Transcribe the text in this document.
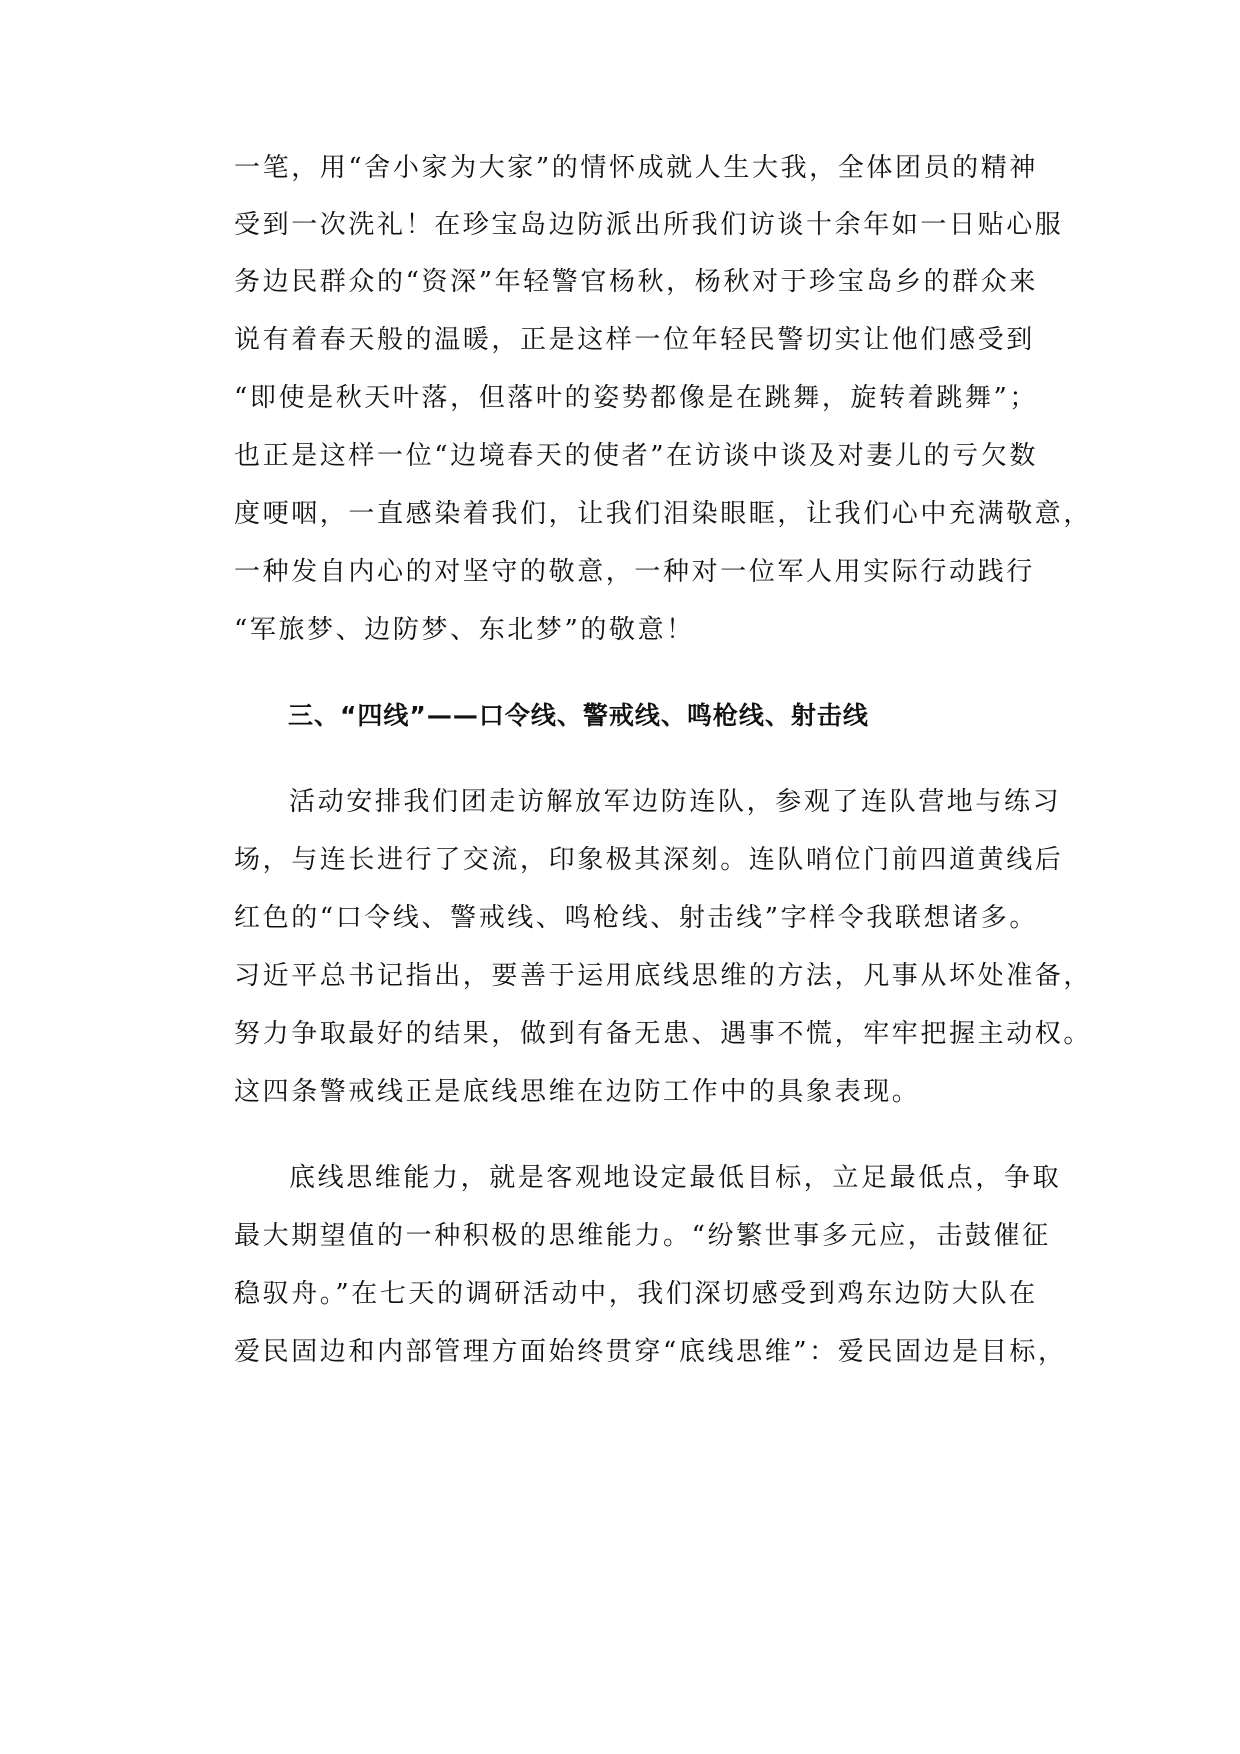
一笔，用“舍小家为大家”的情怀成就人生大我，全体团员的精神
受到一次洗礼！在珍宝岛边防派出所我们访谈十余年如一日贴心服
务边民群众的“资深”年轻警官杨秋，杨秋对于珍宝岛乡的群众来
说有着春天般的温暖，正是这样一位年轻民警切实让他们感受到
“即使是秋天叶落，但落叶的姿势都像是在跳舞，旋转着跳舞”；
也正是这样一位“边境春天的使者”在访谈中谈及对妻儿的亏欠数
度哽咽，一直感染着我们，让我们泪染眼眶，让我们心中充满敬意，
一种发自内心的对坚守的敬意，一种对一位军人用实际行动践行
“军旅梦、边防梦、东北梦”的敬意！
三、“四线”——口令线、警戒线、鸣枪线、射击线
活动安排我们团走访解放军边防连队，参观了连队营地与练习
场，与连长进行了交流，印象极其深刻。连队哨位门前四道黄线后
红色的“口令线、警戒线、鸣枪线、射击线”字样令我联想诸多。
习近平总书记指出，要善于运用底线思维的方法，凡事从坏处准备，
努力争取最好的结果，做到有备无患、遇事不慌，牢牢把握主动权。
这四条警戒线正是底线思维在边防工作中的具象表现。
底线思维能力，就是客观地设定最低目标，立足最低点，争取
最大期望值的一种积极的思维能力。“纷繁世事多元应，击鼓催征
稳驭舟。”在七天的调研活动中，我们深切感受到鸡东边防大队在
爱民固边和内部管理方面始终贯穿“底线思维”：爱民固边是目标，
